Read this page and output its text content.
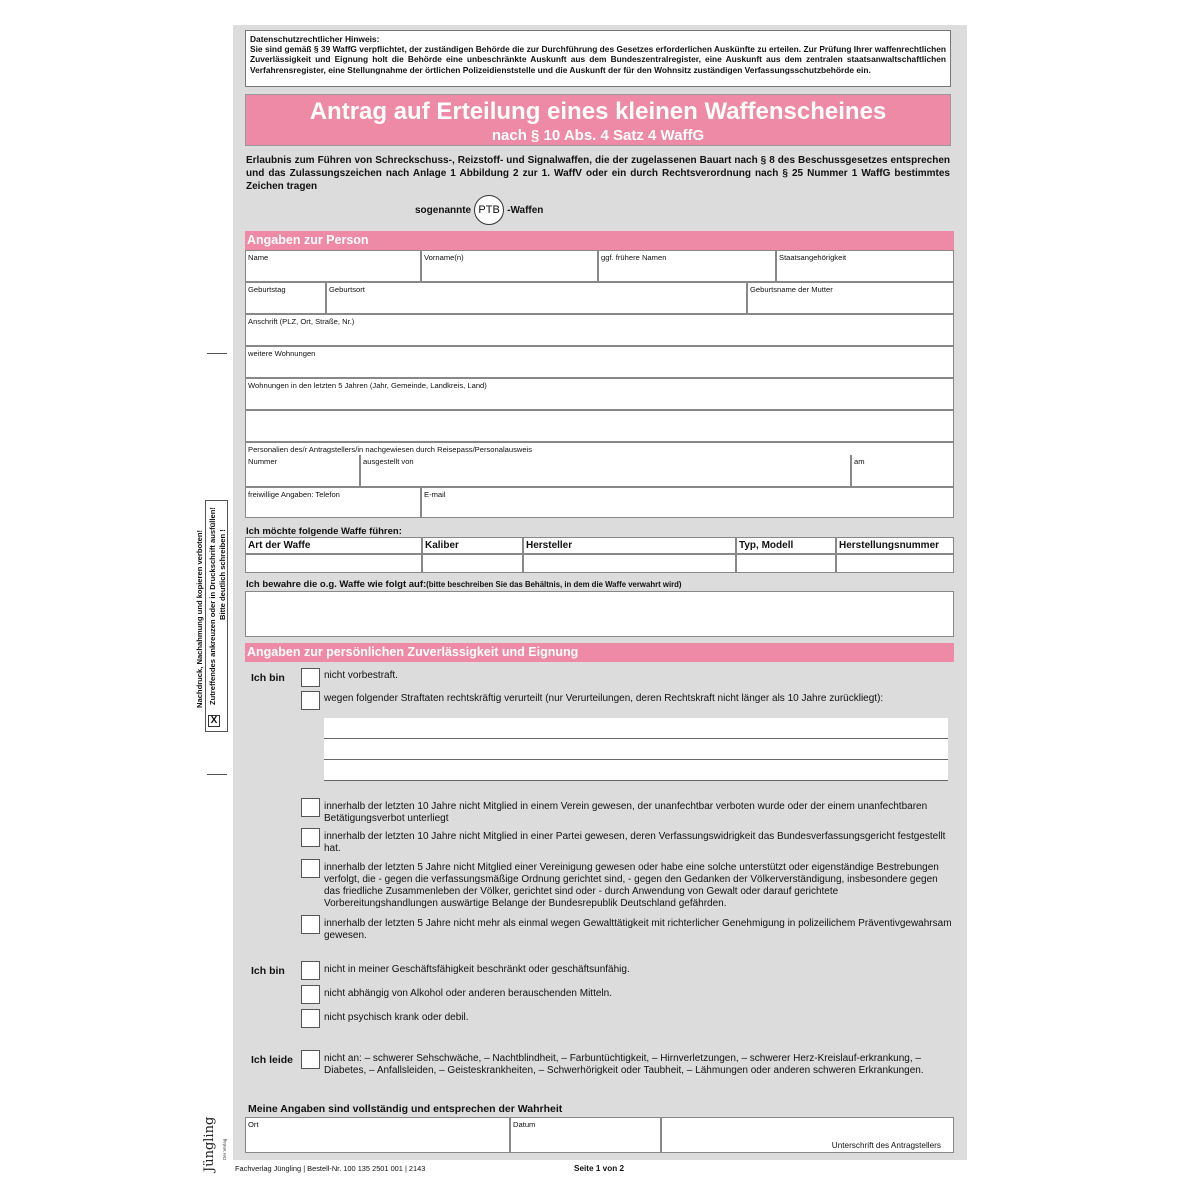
Datenschutzrechtlicher Hinweis:
Sie sind gemäß § 39 WaffG verpflichtet, der zuständigen Behörde die zur Durchführung des Gesetzes erforderlichen Auskünfte zu erteilen. Zur Prüfung Ihrer waffenrechtlichen Zuverlässigkeit und Eignung holt die Behörde eine unbeschränkte Auskunft aus dem Bundeszentralregister, eine Auskunft aus dem zentralen staatsanwaltschaftlichen Verfahrensregister, eine Stellungnahme der örtlichen Polizeidienststelle und die Auskunft der für den Wohnsitz zuständigen Verfassungsschutzbehörde ein.
Antrag auf Erteilung eines kleinen Waffenscheines
nach § 10 Abs. 4 Satz 4 WaffG
Erlaubnis zum Führen von Schreckschuss-, Reizstoff- und Signalwaffen, die der zugelassenen Bauart nach § 8 des Beschussgesetzes entsprechen und das Zulassungszeichen nach Anlage 1 Abbildung 2 zur 1. WaffV oder ein durch Rechtsverordnung nach § 25 Nummer 1 WaffG bestimmtes Zeichen tragen
sogenannte PTB -Waffen
Angaben zur Person
Name	Vorname(n)	ggf. frühere Namen	Staatsangehörigkeit
Geburtstag	Geburtsort	Geburtsname der Mutter
Anschrift (PLZ, Ort, Straße, Nr.)
weitere Wohnungen
Wohnungen in den letzten 5 Jahren (Jahr, Gemeinde, Landkreis, Land)
Personalien des/r Antragstellers/in nachgewiesen durch Reisepass/Personalausweis
Nummer	ausgestellt von	am
freiwillige Angaben: Telefon	E-mail
Ich möchte folgende Waffe führen:
Art der Waffe	Kaliber	Hersteller	Typ, Modell	Herstellungsnummer
Ich bewahre die o.g. Waffe wie folgt auf:(bitte beschreiben Sie das Behältnis, in dem die Waffe verwahrt wird)
Angaben zur persönlichen Zuverlässigkeit und Eignung
Ich bin	nicht vorbestraft.
wegen folgender Straftaten rechtskräftig verurteilt (nur Verurteilungen, deren Rechtskraft nicht länger als 10 Jahre zurückliegt):
innerhalb der letzten 10 Jahre nicht Mitglied in einem Verein gewesen, der unanfechtbar verboten wurde oder der einem unanfechtbaren Betätigungsverbot unterliegt
innerhalb der letzten 10 Jahre nicht Mitglied in einer Partei gewesen, deren Verfassungswidrigkeit das Bundesverfassungsgericht festgestellt hat.
innerhalb der letzten 5 Jahre nicht Mitglied einer Vereinigung gewesen oder habe eine solche unterstützt oder eigenständige Bestrebungen verfolgt, die - gegen die verfassungsmäßige Ordnung gerichtet sind, - gegen den Gedanken der Völkerverständigung, insbesondere gegen das friedliche Zusammenleben der Völker, gerichtet sind oder - durch Anwendung von Gewalt oder darauf gerichtete Vorbereitungshandlungen auswärtige Belange der Bundesrepublik Deutschland gefährden.
innerhalb der letzten 5 Jahre nicht mehr als einmal wegen Gewalttätigkeit mit richterlicher Genehmigung in polizeilichem Präventivgewahrsam gewesen.
Ich bin	nicht in meiner Geschäftsfähigkeit beschränkt oder geschäftsunfähig.
nicht abhängig von Alkohol oder anderen berauschenden Mitteln.
nicht psychisch krank oder debil.
Ich leide	nicht an: – schwerer Sehschwäche, – Nachtblindheit, – Farbuntüchtigkeit, – Hirnverletzungen, – schwerer Herz-Kreislauf-erkrankung, – Diabetes, – Anfallsleiden, – Geisteskrankheiten, – Schwerhörigkeit oder Taubheit, – Lähmungen oder anderen schweren Erkrankungen.
Meine Angaben sind vollständig und entsprechen der Wahrheit
Ort	Datum
Unterschrift des Antragstellers
Nachdruck, Nachahmung und kopieren verboten! Zutreffendes ankreuzen oder in Druckschrift ausfüllen! Bitte deutlich schreiben !
X
Jüngling Der Verlag
Fachverlag Jüngling | Bestell-Nr. 100 135 2501 001 | 2143	Seite 1 von 2
